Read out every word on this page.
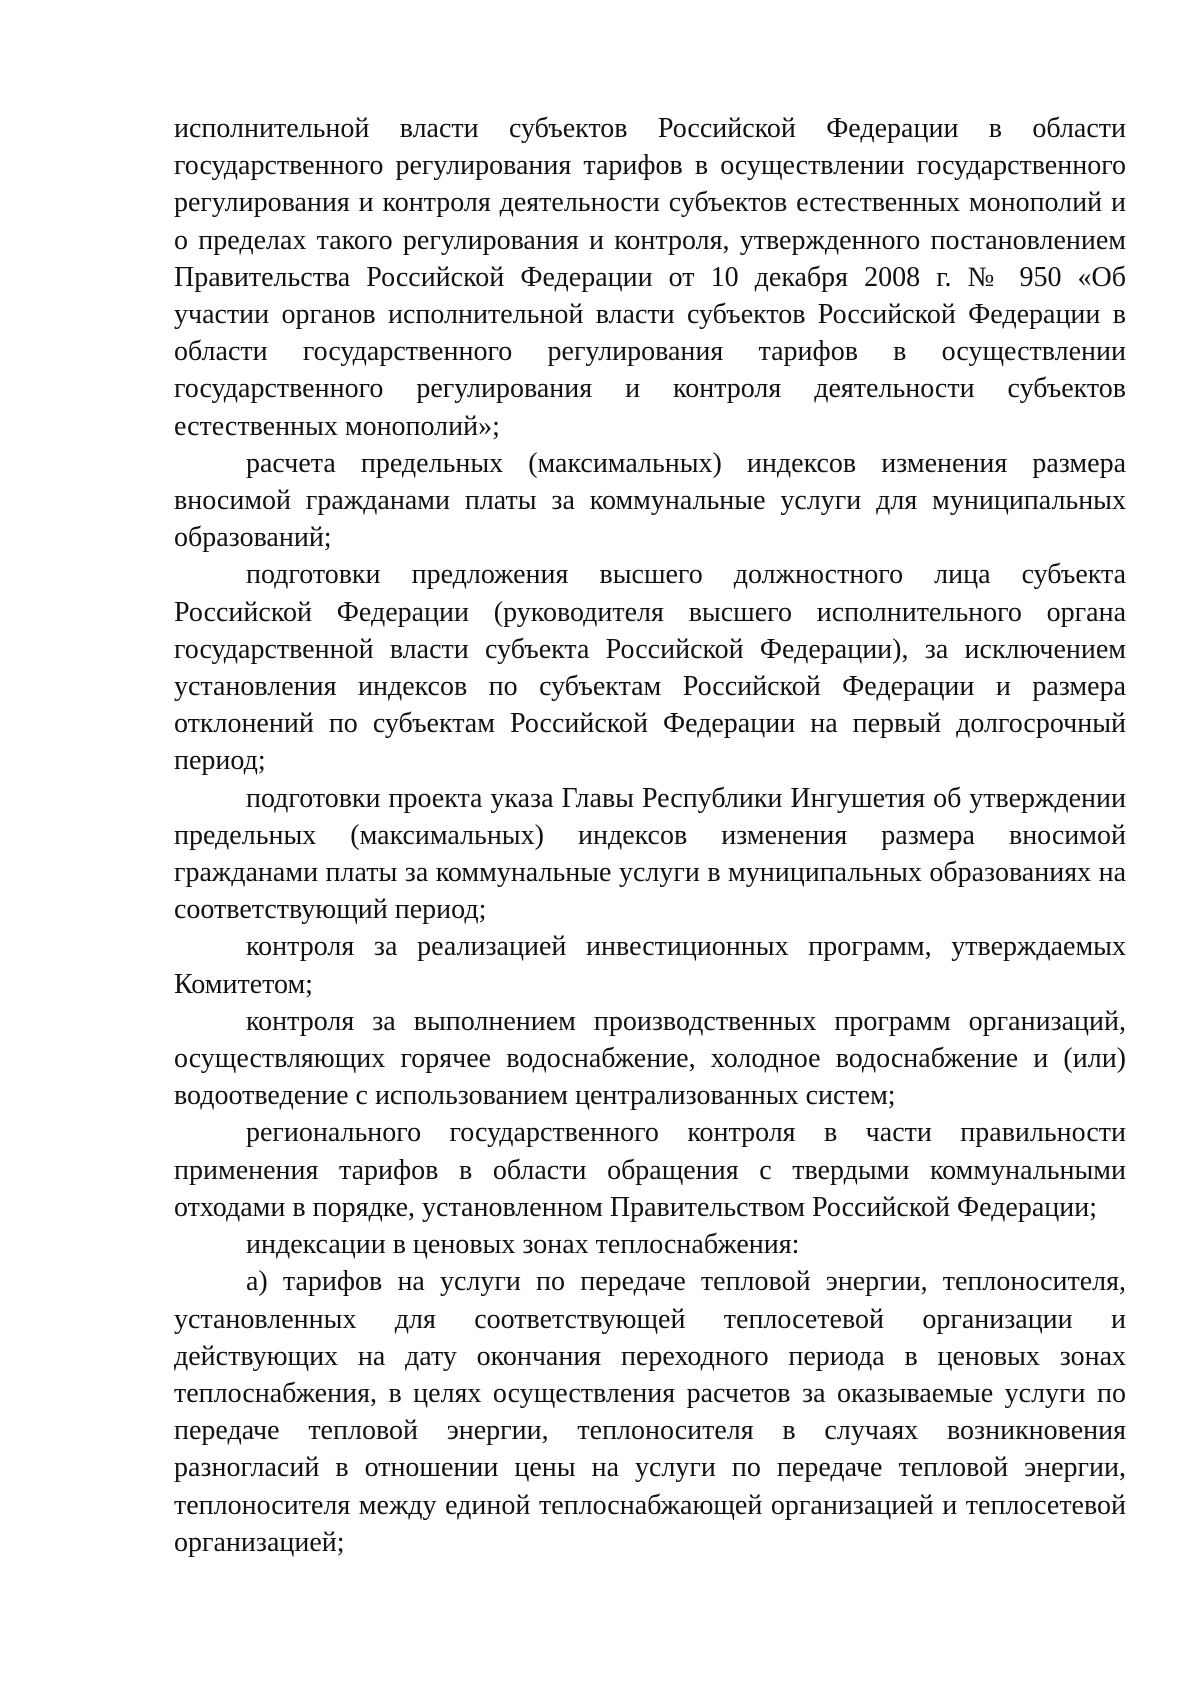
исполнительной власти субъектов Российской Федерации в области государственного регулирования тарифов в осуществлении государственного регулирования и контроля деятельности субъектов естественных монополий и о пределах такого регулирования и контроля, утвержденного постановлением Правительства Российской Федерации от 10 декабря 2008 г. № 950 «Об участии органов исполнительной власти субъектов Российской Федерации в области государственного регулирования тарифов в осуществлении государственного регулирования и контроля деятельности субъектов естественных монополий»;

расчета предельных (максимальных) индексов изменения размера вносимой гражданами платы за коммунальные услуги для муниципальных образований;

подготовки предложения высшего должностного лица субъекта Российской Федерации (руководителя высшего исполнительного органа государственной власти субъекта Российской Федерации), за исключением установления индексов по субъектам Российской Федерации и размера отклонений по субъектам Российской Федерации на первый долгосрочный период;

подготовки проекта указа Главы Республики Ингушетия об утверждении предельных (максимальных) индексов изменения размера вносимой гражданами платы за коммунальные услуги в муниципальных образованиях на соответствующий период;

контроля за реализацией инвестиционных программ, утверждаемых Комитетом;

контроля за выполнением производственных программ организаций, осуществляющих горячее водоснабжение, холодное водоснабжение и (или) водоотведение с использованием централизованных систем;

регионального государственного контроля в части правильности применения тарифов в области обращения с твердыми коммунальными отходами в порядке, установленном Правительством Российской Федерации;

индексации в ценовых зонах теплоснабжения:

а) тарифов на услуги по передаче тепловой энергии, теплоносителя, установленных для соответствующей теплосетевой организации и действующих на дату окончания переходного периода в ценовых зонах теплоснабжения, в целях осуществления расчетов за оказываемые услуги по передаче тепловой энергии, теплоносителя в случаях возникновения разногласий в отношении цены на услуги по передаче тепловой энергии, теплоносителя между единой теплоснабжающей организацией и теплосетевой организацией;
